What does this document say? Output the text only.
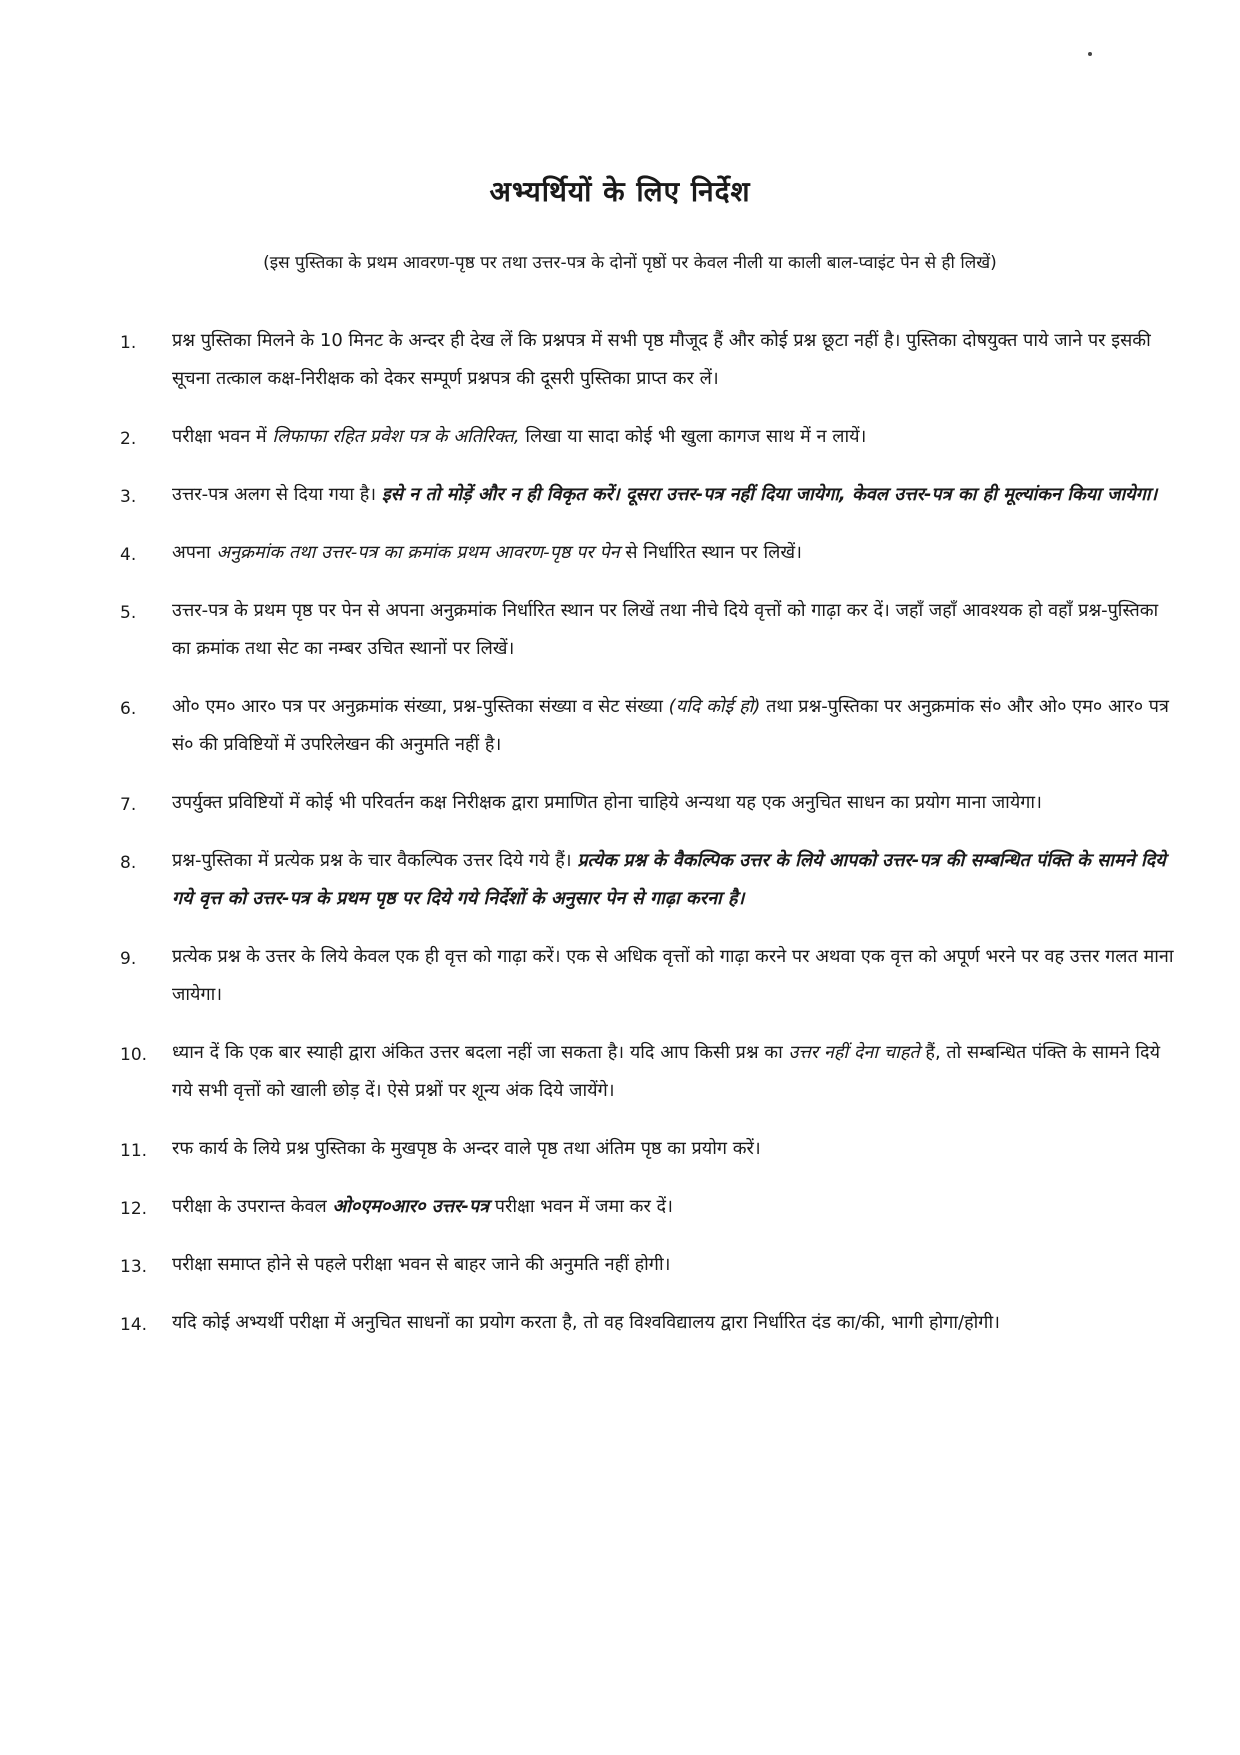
अभ्यर्थियों के लिए निर्देश
(इस पुस्तिका के प्रथम आवरण-पृष्ठ पर तथा उत्तर-पत्र के दोनों पृष्ठों पर केवल नीली या काली बाल-प्वाइंट पेन से ही लिखें)
1. प्रश्न पुस्तिका मिलने के 10 मिनट के अन्दर ही देख लें कि प्रश्नपत्र में सभी पृष्ठ मौजूद हैं और कोई प्रश्न छूटा नहीं है। पुस्तिका दोषयुक्त पाये जाने पर इसकी सूचना तत्काल कक्ष-निरीक्षक को देकर सम्पूर्ण प्रश्नपत्र की दूसरी पुस्तिका प्राप्त कर लें।
2. परीक्षा भवन में लिफाफा रहित प्रवेश पत्र के अतिरिक्त, लिखा या सादा कोई भी खुला कागज साथ में न लायें।
3. उत्तर-पत्र अलग से दिया गया है। इसे न तो मोड़ें और न ही विकृत करें। दूसरा उत्तर-पत्र नहीं दिया जायेगा, केवल उत्तर-पत्र का ही मूल्यांकन किया जायेगा।
4. अपना अनुक्रमांक तथा उत्तर-पत्र का क्रमांक प्रथम आवरण-पृष्ठ पर पेन से निर्धारित स्थान पर लिखें।
5. उत्तर-पत्र के प्रथम पृष्ठ पर पेन से अपना अनुक्रमांक निर्धारित स्थान पर लिखें तथा नीचे दिये वृत्तों को गाढ़ा कर दें। जहाँ जहाँ आवश्यक हो वहाँ प्रश्न-पुस्तिका का क्रमांक तथा सेट का नम्बर उचित स्थानों पर लिखें।
6. ओ० एम० आर० पत्र पर अनुक्रमांक संख्या, प्रश्न-पुस्तिका संख्या व सेट संख्या (यदि कोई हो) तथा प्रश्न-पुस्तिका पर अनुक्रमांक सं० और ओ० एम० आर० पत्र सं० की प्रविष्टियों में उपरिलेखन की अनुमति नहीं है।
7. उपर्युक्त प्रविष्टियों में कोई भी परिवर्तन कक्ष निरीक्षक द्वारा प्रमाणित होना चाहिये अन्यथा यह एक अनुचित साधन का प्रयोग माना जायेगा।
8. प्रश्न-पुस्तिका में प्रत्येक प्रश्न के चार वैकल्पिक उत्तर दिये गये हैं। प्रत्येक प्रश्न के वैकल्पिक उत्तर के लिये आपको उत्तर-पत्र की सम्बन्धित पंक्ति के सामने दिये गये वृत्त को उत्तर-पत्र के प्रथम पृष्ठ पर दिये गये निर्देशों के अनुसार पेन से गाढ़ा करना है।
9. प्रत्येक प्रश्न के उत्तर के लिये केवल एक ही वृत्त को गाढ़ा करें। एक से अधिक वृत्तों को गाढ़ा करने पर अथवा एक वृत्त को अपूर्ण भरने पर वह उत्तर गलत माना जायेगा।
10. ध्यान दें कि एक बार स्याही द्वारा अंकित उत्तर बदला नहीं जा सकता है। यदि आप किसी प्रश्न का उत्तर नहीं देना चाहते हैं, तो सम्बन्धित पंक्ति के सामने दिये गये सभी वृत्तों को खाली छोड़ दें। ऐसे प्रश्नों पर शून्य अंक दिये जायेंगे।
11. रफ कार्य के लिये प्रश्न पुस्तिका के मुखपृष्ठ के अन्दर वाले पृष्ठ तथा अंतिम पृष्ठ का प्रयोग करें।
12. परीक्षा के उपरान्त केवल ओ०एम०आर० उत्तर-पत्र परीक्षा भवन में जमा कर दें।
13. परीक्षा समाप्त होने से पहले परीक्षा भवन से बाहर जाने की अनुमति नहीं होगी।
14. यदि कोई अभ्यर्थी परीक्षा में अनुचित साधनों का प्रयोग करता है, तो वह विश्वविद्यालय द्वारा निर्धारित दंड का/की, भागी होगा/होगी।
